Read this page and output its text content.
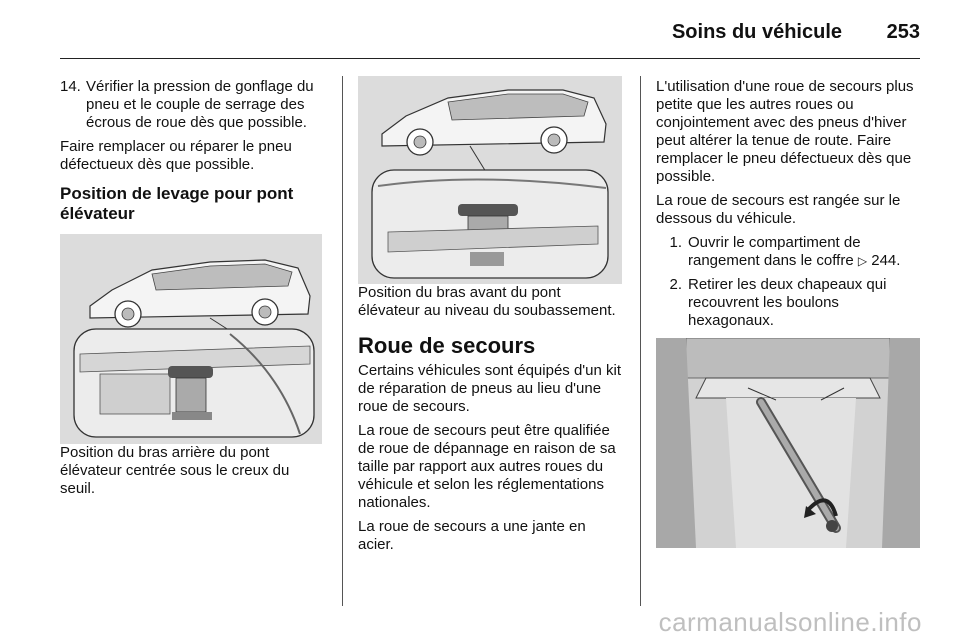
Soins du véhicule 253
14. Vérifier la pression de gonflage du pneu et le couple de serrage des écrous de roue dès que possible.

Faire remplacer ou réparer le pneu défectueux dès que possible.

Position de levage pour pont élévateur

Position du bras arrière du pont élévateur centrée sous le creux du seuil.

Position du bras avant du pont élévateur au niveau du soubassement.

Roue de secours

Certains véhicules sont équipés d'un kit de réparation de pneus au lieu d'une roue de secours.

La roue de secours peut être qualifiée de roue de dépannage en raison de sa taille par rapport aux autres roues du véhicule et selon les réglementations nationales.

La roue de secours a une jante en acier.

L'utilisation d'une roue de secours plus petite que les autres roues ou conjointement avec des pneus d'hiver peut altérer la tenue de route. Faire remplacer le pneu défectueux dès que possible.

La roue de secours est rangée sur le dessous du véhicule.

1. Ouvrir le compartiment de rangement dans le coffre ▷ 244.
2. Retirer les deux chapeaux qui recouvrent les boulons hexagonaux.
carmanualsonline.info
